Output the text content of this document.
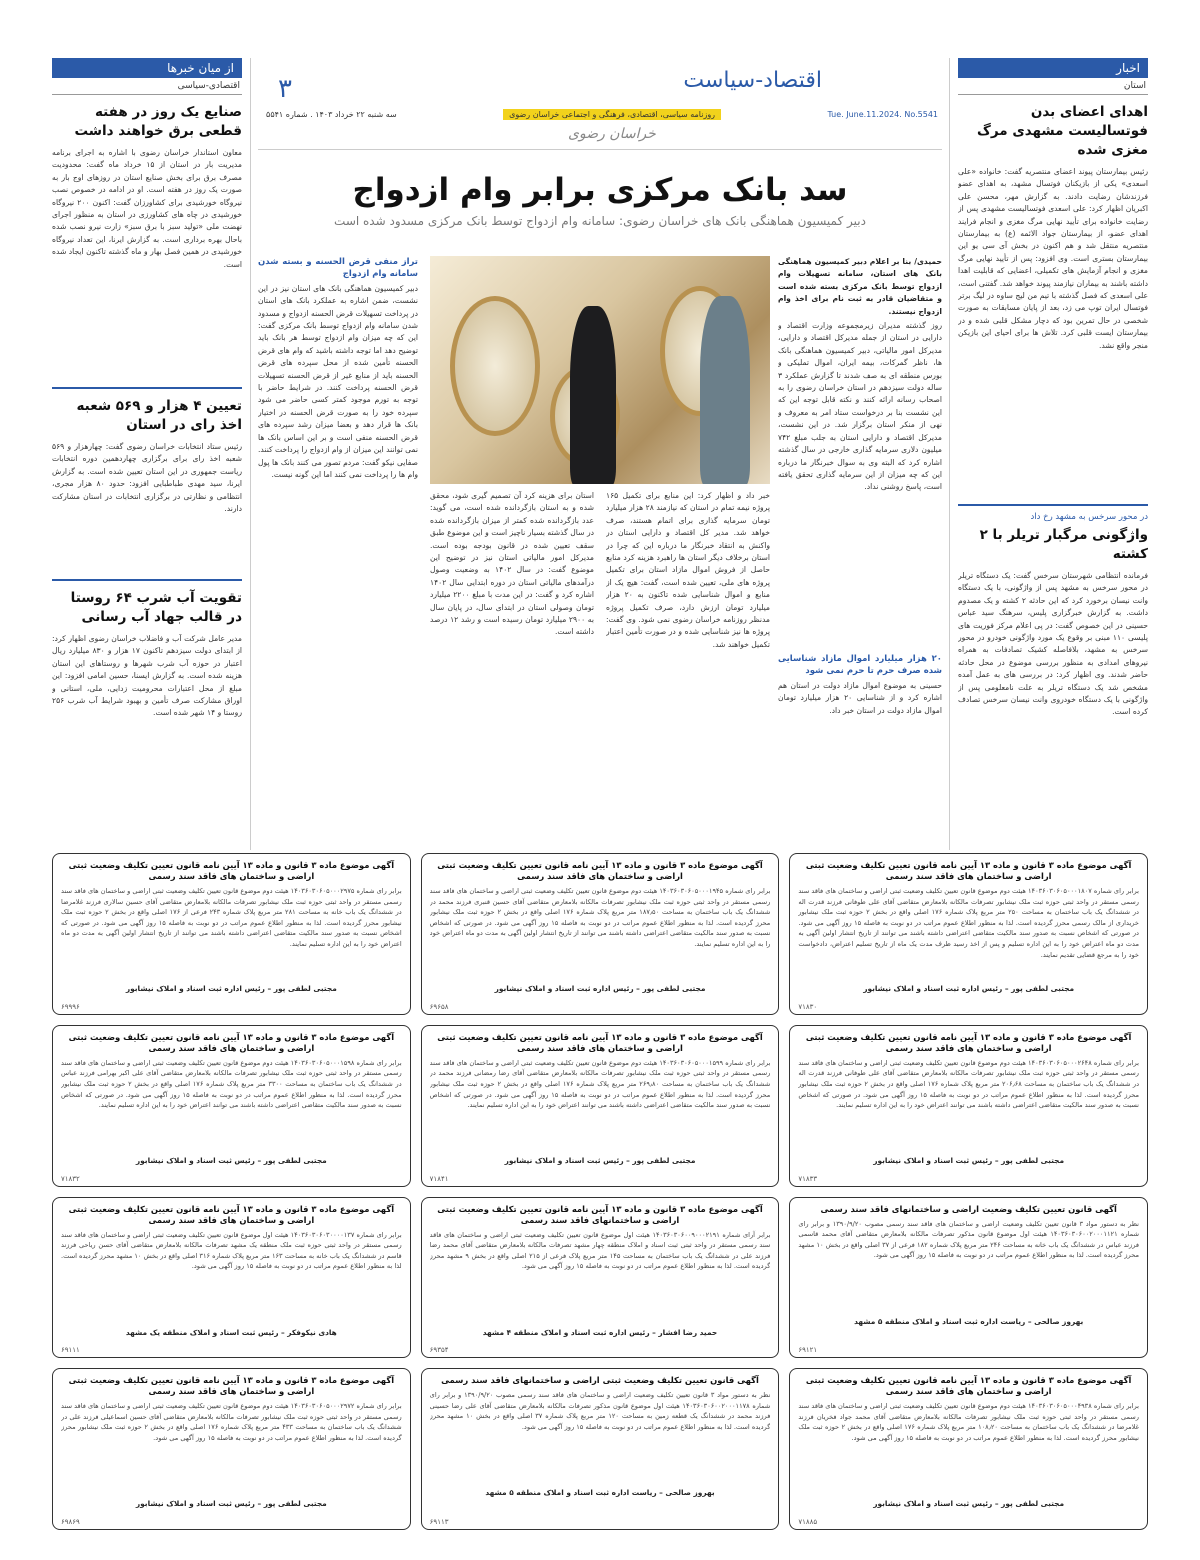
اخبار
استان
اهدای اعضای بدن فوتسالیست مشهدی مرگ مغزی شده
رئیس بیمارستان پیوند اعضای منتصریه گفت: خانواده «علی اسعدی» یکی از بازیکنان فوتسال مشهد، به اهدای عضو فرزندشان رضایت دادند. به گزارش مهر، محسن علی اکبریان اظهار کرد: علی اسعدی فوتسالیست مشهدی پس از رضایت خانواده برای تأیید نهایی مرگ مغزی و انجام فرایند اهدای عضو، از بیمارستان جواد الائمه (ع) به بیمارستان منتصریه منتقل شد و هم اکنون در بخش آی سی یو این بیمارستان بستری است. وی افزود: پس از تأیید نهایی مرگ مغزی و انجام آزمایش های تکمیلی، اعضایی که قابلیت اهدا داشته باشند به بیماران نیازمند پیوند خواهد شد. گفتنی است، علی اسعدی که فصل گذشته با تیم من لیج ساوه در لیگ برتر فوتسال ایران توپ می زد، بعد از پایان مسابقات به صورت شخصی در حال تمرین بود که دچار مشکل قلبی شده و در بیمارستان ایست قلبی کرد. تلاش ها برای احیای این بازیکن منجر واقع نشد.
در محور سرخس به مشهد رخ داد
واژگونی مرگبار تریلر با ۲ کشته
فرمانده انتظامی شهرستان سرخس گفت: یک دستگاه تریلر در محور سرخس به مشهد پس از واژگونی، با یک دستگاه وانت نیسان برخورد کرد که این حادثه ۲ کشته و یک مصدوم داشت. به گزارش خبرگزاری پلیس، سرهنگ سید عباس حسینی در این خصوص گفت: در پی اعلام مرکز فوریت های پلیسی ۱۱۰ مبنی بر وقوع یک مورد واژگونی خودرو در محور سرخس به مشهد، بلافاصله کشیک تصادفات به همراه نیروهای امدادی به منظور بررسی موضوع در محل حادثه حاضر شدند. وی اظهار کرد: در بررسی های به عمل آمده مشخص شد یک دستگاه تریلر به علت نامعلومی پس از واژگونی با یک دستگاه خودروی وانت نیسان سرخس تصادف کرده است.
از میان خبرها
اقتصادی-سیاسی
صنایع یک روز در هفته قطعی برق خواهند داشت
معاون استاندار خراسان رضوی با اشاره به اجرای برنامه مدیریت بار در استان از ۱۵ خرداد ماه گفت: محدودیت مصرف برق برای بخش صنایع استان در روزهای اوج بار به صورت یک روز در هفته است. او در ادامه در خصوص نصب نیروگاه خورشیدی برای کشاورزان گفت: اکنون ۲۰۰ نیروگاه خورشیدی در چاه های کشاورزی در استان به منظور اجرای نهضت ملی «تولید سبز با برق سبز» زارت نیرو نصب شده باحال بهره برداری است. به گزارش ایرنا، این تعداد نیروگاه خورشیدی در همین فصل بهار و ماه گذشته تاکنون ایجاد شده است.
تعیین ۴ هزار و ۵۶۹ شعبه اخذ رای در استان
رئیس ستاد انتخابات خراسان رضوی گفت: چهارهزار و ۵۶۹ شعبه اخذ رای برای برگزاری چهاردهمین دوره انتخابات ریاست جمهوری در این استان تعیین شده است. به گزارش ایرنا، سید مهدی طباطبایی افزود: حدود ۸۰ هزار مجری، انتظامی و نظارتی در برگزاری انتخابات در استان مشارکت دارند.
تقویت آب شرب ۶۴ روستا در قالب جهاد آب رسانی
مدیر عامل شرکت آب و فاضلاب خراسان رضوی اظهار کرد: از ابتدای دولت سیزدهم تاکنون ۱۷ هزار و ۸۳۰ میلیارد ریال اعتبار در حوزه آب شرب شهرها و روستاهای این استان هزینه شده است. به گزارش ایسنا، حسین امامی افزود: این مبلغ از محل اعتبارات محرومیت زدایی، ملی، استانی و اوراق مشارکت صرف تأمین و بهبود شرایط آب شرب ۲۵۶ روستا و ۱۴ شهر شده است.
اقتصاد-سیاست
۳
Tue. June.11.2024. No.5541
روزنامه سیاسی، اقتصادی، فرهنگی و اجتماعی خراسان رضوی
سه شنبه ۲۲ خرداد ۱۴۰۳ . شماره ۵۵۴۱
خراسان رضوی
سد بانک مرکزی برابر وام ازدواج
دبیر کمیسیون هماهنگی بانک های خراسان رضوی: سامانه وام ازدواج توسط بانک مرکزی مسدود شده است
حمیدی/ بنا بر اعلام دبیر کمیسیون هماهنگی بانک های استان، سامانه تسهیلات وام ازدواج توسط بانک مرکزی بسته شده است و متقاضیان قادر به ثبت نام برای اخذ وام ازدواج نیستند.
روز گذشته مدیران زیرمجموعه وزارت اقتصاد و دارایی در استان از جمله مدیرکل اقتصاد و دارایی، مدیرکل امور مالیاتی، دبیر کمیسیون هماهنگی بانک ها، ناظر گمرکات، بیمه ایران، اموال تملیکی و بورس منطقه ای به صف شدند تا گزارش عملکرد ۳ ساله دولت سیزدهم در استان خراسان رضوی را به اصحاب رسانه ارائه کنند و نکته قابل توجه این که این نشست بنا بر درخواست ستاد امر به معروف و نهی از منکر استان برگزار شد. در این نشست، مدیرکل اقتصاد و دارایی استان به جلب مبلغ ۷۴۲ میلیون دلاری سرمایه گذاری خارجی در سال گذشته اشاره کرد که البته وی به سوال خبرنگار ما درباره این که چه میزان از این سرمایه گذاری تحقق یافته است، پاسخ روشنی نداد.
۲۰ هزار میلیارد اموال مازاد شناسایی شده صرف حرم تا حرم نمی شود
حسینی به موضوع اموال مازاد دولت در استان هم اشاره کرد و از شناسایی ۲۰ هزار میلیارد تومان اموال مازاد دولت در استان خبر داد.
خبر داد و اظهار کرد: این منابع برای تکمیل ۱۶۵ پروژه نیمه تمام در استان که نیازمند ۲۸ هزار میلیارد تومان سرمایه گذاری برای اتمام هستند، صرف خواهد شد. مدیر کل اقتصاد و دارایی استان در واکنش به انتقاد خبرنگار ما درباره این که چرا در استان برخلاف دیگر استان ها راهبرد هزینه کرد منابع حاصل از فروش اموال مازاد استان برای تکمیل پروژه های ملی، تعیین شده است، گفت: هیچ یک از منابع و اموال شناسایی شده تاکنون به ۲۰ هزار میلیارد تومان ارزش دارد، صرف تکمیل پروژه مدنظر روزنامه خراسان رضوی نمی شود. وی گفت: پروژه ها نیز شناسایی شده و در صورت تأمین اعتبار تکمیل خواهند شد.
استان برای هزینه کرد آن تصمیم گیری شود، محقق شده و به استان بازگردانده شده است، می گوید: عدد بازگردانده شده کمتر از میزان بازگردانده شده در سال گذشته بسیار ناچیز است و این موضوع طبق سقف تعیین شده در قانون بودجه بوده است. مدیرکل امور مالیاتی استان نیز در توضیح این موضوع گفت: در سال ۱۴۰۲ به وضعیت وصول درآمدهای مالیاتی استان در دوره ابتدایی سال ۱۴۰۲ اشاره کرد و گفت: در این مدت با مبلغ ۲۲۰۰ میلیارد تومان وصولی استان در ابتدای سال، در پایان سال به ۲۹۰۰ میلیارد تومان رسیده است و رشد ۱۲ درصد داشته است.
تراز منفی قرض الحسنه و بسته شدن سامانه وام ازدواج
دبیر کمیسیون هماهنگی بانک های استان نیز در این نشست، ضمن اشاره به عملکرد بانک های استان در پرداخت تسهیلات قرض الحسنه ازدواج و مسدود شدن سامانه وام ازدواج توسط بانک مرکزی گفت: این که چه میزان وام ازدواج توسط هر بانک باید توضیح دهد اما توجه داشته باشید که وام های قرض الحسنه تأمین شده از محل سپرده های قرض الحسنه باید از منابع غیر از قرض الحسنه تسهیلات قرض الحسنه پرداخت کنند. در شرایط حاضر با توجه به تورم موجود کمتر کسی حاضر می شود سپرده خود را به صورت قرض الحسنه در اختیار بانک ها قرار دهد و بعضا میزان رشد سپرده های قرض الحسنه منفی است و بر این اساس بانک ها نمی توانند این میزان از وام ازدواج را پرداخت کنند. صفایی نیکو گفت: مردم تصور می کنند بانک ها پول وام ها را پرداخت نمی کنند اما این گونه نیست.
آگهی موضوع ماده ۳ قانون و ماده ۱۳ آیین نامه قانون تعیین تکلیف وضعیت ثبتی اراضی و ساختمان های فاقد سند رسمی
برابر رای شماره ۱۴۰۳۶۰۳۰۶۰۵۰۰۰۱۸۰۷ هیئت دوم موضوع قانون تعیین تکلیف وضعیت ثبتی اراضی و ساختمان های فاقد سند رسمی مستقر در واحد ثبتی حوزه ثبت ملک نیشابور تصرفات مالکانه بلامعارض متقاضی آقای علی طوفانی فرزند قدرت اله در ششدانگ یک باب ساختمان به مساحت ۲۵۰ متر مربع پلاک شماره ۱۷۶ اصلی واقع در بخش ۲ حوزه ثبت ملک نیشابور خریداری از مالک رسمی محرز گردیده است. لذا به منظور اطلاع عموم مراتب در دو نوبت به فاصله ۱۵ روز آگهی می شود. در صورتی که اشخاص نسبت به صدور سند مالکیت متقاضی اعتراضی داشته باشند می توانند از تاریخ انتشار اولین آگهی به مدت دو ماه اعتراض خود را به این اداره تسلیم و پس از اخذ رسید ظرف مدت یک ماه از تاریخ تسلیم اعتراض، دادخواست خود را به مرجع قضایی تقدیم نمایند.
مجتبی لطفی پور – رئیس اداره ثبت اسناد و املاک نیشابور
۷۱۸۳۰
آگهی موضوع ماده ۳ قانون و ماده ۱۳ آیین نامه قانون تعیین تکلیف وضعیت ثبتی اراضی و ساختمان های فاقد سند رسمی
برابر رای شماره ۱۴۰۳۶۰۳۰۶۰۵۰۰۰۱۹۴۵ هیئت دوم موضوع قانون تعیین تکلیف وضعیت ثبتی اراضی و ساختمان های فاقد سند رسمی مستقر در واحد ثبتی حوزه ثبت ملک نیشابور تصرفات مالکانه بلامعارض متقاضی آقای حسین قنبری فرزند محمد در ششدانگ یک باب ساختمان به مساحت ۱۸۷٫۵۰ متر مربع پلاک شماره ۱۷۶ اصلی واقع در بخش ۲ حوزه ثبت ملک نیشابور محرز گردیده است. لذا به منظور اطلاع عموم مراتب در دو نوبت به فاصله ۱۵ روز آگهی می شود. در صورتی که اشخاص نسبت به صدور سند مالکیت متقاضی اعتراضی داشته باشند می توانند از تاریخ انتشار اولین آگهی به مدت دو ماه اعتراض خود را به این اداره تسلیم نمایند.
مجتبی لطفی پور – رئیس اداره ثبت اسناد و املاک نیشابور
۶۹۶۵۸
آگهی موضوع ماده ۳ قانون و ماده ۱۳ آیین نامه قانون تعیین تکلیف وضعیت ثبتی اراضی و ساختمان های فاقد سند رسمی
برابر رای شماره ۱۴۰۳۶۰۳۰۶۰۵۰۰۰۲۹۷۵ هیئت دوم موضوع قانون تعیین تکلیف وضعیت ثبتی اراضی و ساختمان های فاقد سند رسمی مستقر در واحد ثبتی حوزه ثبت ملک نیشابور تصرفات مالکانه بلامعارض متقاضی آقای حسین سالاری فرزند غلامرضا در ششدانگ یک باب خانه به مساحت ۲۸۱ متر مربع پلاک شماره ۲۴۳ فرعی از ۱۷۶ اصلی واقع در بخش ۲ حوزه ثبت ملک نیشابور محرز گردیده است. لذا به منظور اطلاع عموم مراتب در دو نوبت به فاصله ۱۵ روز آگهی می شود. در صورتی که اشخاص نسبت به صدور سند مالکیت متقاضی اعتراضی داشته باشند می توانند از تاریخ انتشار اولین آگهی به مدت دو ماه اعتراض خود را به این اداره تسلیم نمایند.
مجتبی لطفی پور – رئیس اداره ثبت اسناد و املاک نیشابور
۶۹۹۹۶
آگهی موضوع ماده ۳ قانون و ماده ۱۳ آیین نامه قانون تعیین تکلیف وضعیت ثبتی اراضی و ساختمان های فاقد سند رسمی
برابر رای شماره ۱۴۰۳۶۰۳۰۶۰۵۰۰۰۲۶۴۸ هیئت دوم موضوع قانون تعیین تکلیف وضعیت ثبتی اراضی و ساختمان های فاقد سند رسمی مستقر در واحد ثبتی حوزه ثبت ملک نیشابور تصرفات مالکانه بلامعارض متقاضی آقای علی طوفانی فرزند قدرت اله در ششدانگ یک باب ساختمان به مساحت ۲۰۶٫۶۸ متر مربع پلاک شماره ۱۷۶ اصلی واقع در بخش ۲ حوزه ثبت ملک نیشابور محرز گردیده است. لذا به منظور اطلاع عموم مراتب در دو نوبت به فاصله ۱۵ روز آگهی می شود. در صورتی که اشخاص نسبت به صدور سند مالکیت متقاضی اعتراضی داشته باشند می توانند اعتراض خود را به این اداره تسلیم نمایند.
مجتبی لطفی پور – رئیس ثبت اسناد و املاک نیشابور
۷۱۸۳۳
آگهی موضوع ماده ۳ قانون و ماده ۱۳ آیین نامه قانون تعیین تکلیف وضعیت ثبتی اراضی و ساختمان های فاقد سند رسمی
برابر رای شماره ۱۴۰۳۶۰۳۰۶۰۵۰۰۰۱۵۹۹ هیئت دوم موضوع قانون تعیین تکلیف وضعیت ثبتی اراضی و ساختمان های فاقد سند رسمی مستقر در واحد ثبتی حوزه ثبت ملک نیشابور تصرفات مالکانه بلامعارض متقاضی آقای رضا رمضانی فرزند محمد در ششدانگ یک باب ساختمان به مساحت ۲۶۹٫۸۰ متر مربع پلاک شماره ۱۷۶ اصلی واقع در بخش ۲ حوزه ثبت ملک نیشابور محرز گردیده است. لذا به منظور اطلاع عموم مراتب در دو نوبت به فاصله ۱۵ روز آگهی می شود. در صورتی که اشخاص نسبت به صدور سند مالکیت متقاضی اعتراضی داشته باشند می توانند اعتراض خود را به این اداره تسلیم نمایند.
مجتبی لطفی پور – رئیس ثبت اسناد و املاک نیشابور
۷۱۸۴۱
آگهی موضوع ماده ۳ قانون و ماده ۱۳ آیین نامه قانون تعیین تکلیف وضعیت ثبتی اراضی و ساختمان های فاقد سند رسمی
برابر رای شماره ۱۴۰۳۶۰۳۰۶۰۵۰۰۰۱۵۹۸ هیئت دوم موضوع قانون تعیین تکلیف وضعیت ثبتی اراضی و ساختمان های فاقد سند رسمی مستقر در واحد ثبتی حوزه ثبت ملک نیشابور تصرفات مالکانه بلامعارض متقاضی آقای علی اکبر بهرامی فرزند عباس در ششدانگ یک باب ساختمان به مساحت ۳۳۰۰ متر مربع پلاک شماره ۱۷۶ اصلی واقع در بخش ۲ حوزه ثبت ملک نیشابور محرز گردیده است. لذا به منظور اطلاع عموم مراتب در دو نوبت به فاصله ۱۵ روز آگهی می شود. در صورتی که اشخاص نسبت به صدور سند مالکیت متقاضی اعتراضی داشته باشند می توانند اعتراض خود را به این اداره تسلیم نمایند.
مجتبی لطفی پور – رئیس ثبت اسناد و املاک نیشابور
۷۱۸۳۲
آگهی قانون تعیین تکلیف وضعیت اراضی و ساختمانهای فاقد سند رسمی
نظر به دستور مواد ۳ قانون تعیین تکلیف وضعیت اراضی و ساختمان های فاقد سند رسمی مصوب ۱۳۹۰/۹/۲۰ و برابر رای شماره ۱۴۰۳۶۰۳۰۶۰۰۲۰۰۰۱۱۲۱ هیئت اول موضوع قانون مذکور تصرفات مالکانه بلامعارض متقاضی آقای محمد قاسمی فرزند عباس در ششدانگ یک باب خانه به مساحت ۲۴۶ متر مربع پلاک شماره ۱۸۲ فرعی از ۳۷ اصلی واقع در بخش ۱۰ مشهد محرز گردیده است. لذا به منظور اطلاع عموم مراتب در دو نوبت به فاصله ۱۵ روز آگهی می شود.
بهروز صالحی – ریاست اداره ثبت اسناد و املاک منطقه ۵ مشهد
۶۹۱۲۱
آگهی موضوع ماده ۳ قانون و ماده ۱۳ آیین نامه قانون تعیین تکلیف وضعیت ثبتی اراضی و ساختمانهای فاقد سند رسمی
برابر آرای شماره ۱۴۰۳۶۰۳۰۶۰۰۹۰۰۰۲۱۹۱ هیئت اول موضوع قانون تعیین تکلیف وضعیت ثبتی اراضی و ساختمان های فاقد سند رسمی مستقر در واحد ثبتی ثبت اسناد و املاک منطقه چهار مشهد تصرفات مالکانه بلامعارض متقاضی آقای محمد رضا فرزند علی در ششدانگ یک باب ساختمان به مساحت ۱۴۵ متر مربع پلاک فرعی از ۲۱۵ اصلی واقع در بخش ۹ مشهد محرز گردیده است. لذا به منظور اطلاع عموم مراتب در دو نوبت به فاصله ۱۵ روز آگهی می شود.
حمید رضا افشار – رئیس اداره ثبت اسناد و املاک منطقه ۴ مشهد
۶۹۳۵۴
آگهی موضوع ماده ۳ قانون و ماده ۱۳ آیین نامه قانون تعیین تکلیف وضعیت ثبتی اراضی و ساختمان های فاقد سند رسمی
برابر رای شماره ۱۴۰۳۶۰۳۰۶۰۳۰۰۰۰۱۳۷ هیئت اول موضوع قانون تعیین تکلیف وضعیت ثبتی اراضی و ساختمان های فاقد سند رسمی مستقر در واحد ثبتی حوزه ثبت ملک منطقه یک مشهد تصرفات مالکانه بلامعارض متقاضی آقای حسن ریاحی فرزند قاسم در ششدانگ یک باب خانه به مساحت ۱۶۳ متر مربع پلاک شماره ۳۱۶ اصلی واقع در بخش ۱۰ مشهد محرز گردیده است. لذا به منظور اطلاع عموم مراتب در دو نوبت به فاصله ۱۵ روز آگهی می شود.
هادی نیکوفکر – رئیس ثبت اسناد و املاک منطقه یک مشهد
۶۹۱۱۱
آگهی موضوع ماده ۳ قانون و ماده ۱۳ آیین نامه قانون تعیین تکلیف وضعیت ثبتی اراضی و ساختمان های فاقد سند رسمی
برابر رای شماره ۱۴۰۳۶۰۳۰۶۰۵۰۰۰۴۹۳۸ هیئت دوم موضوع قانون تعیین تکلیف وضعیت ثبتی اراضی و ساختمان های فاقد سند رسمی مستقر در واحد ثبتی حوزه ثبت ملک نیشابور تصرفات مالکانه بلامعارض متقاضی آقای محمد جواد فخریان فرزند غلامرضا در ششدانگ یک باب ساختمان به مساحت ۱۰۸٫۲۰ متر مربع پلاک شماره ۱۷۶ اصلی واقع در بخش ۲ حوزه ثبت ملک نیشابور محرز گردیده است. لذا به منظور اطلاع عموم مراتب در دو نوبت به فاصله ۱۵ روز آگهی می شود.
مجتبی لطفی پور – رئیس ثبت اسناد و املاک نیشابور
۷۱۸۸۵
آگهی قانون تعیین تکلیف وضعیت ثبتی اراضی و ساختمانهای فاقد سند رسمی
نظر به دستور مواد ۳ قانون تعیین تکلیف وضعیت اراضی و ساختمان های فاقد سند رسمی مصوب ۱۳۹۰/۹/۲۰ و برابر رای شماره ۱۴۰۳۶۰۳۰۶۰۰۲۰۰۰۱۱۷۸ هیئت اول موضوع قانون مذکور تصرفات مالکانه بلامعارض متقاضی آقای علی رضا حسینی فرزند محمد در ششدانگ یک قطعه زمین به مساحت ۱۲۰ متر مربع پلاک شماره ۳۷ اصلی واقع در بخش ۱۰ مشهد محرز گردیده است. لذا به منظور اطلاع عموم مراتب در دو نوبت به فاصله ۱۵ روز آگهی می شود.
بهروز صالحی – ریاست اداره ثبت اسناد و املاک منطقه ۵ مشهد
۶۹۱۱۳
آگهی موضوع ماده ۳ قانون و ماده ۱۳ آیین نامه قانون تعیین تکلیف وضعیت ثبتی اراضی و ساختمان های فاقد سند رسمی
برابر رای شماره ۱۴۰۳۶۰۳۰۶۰۵۰۰۰۲۹۷۲ هیئت دوم موضوع قانون تعیین تکلیف وضعیت ثبتی اراضی و ساختمان های فاقد سند رسمی مستقر در واحد ثبتی حوزه ثبت ملک نیشابور تصرفات مالکانه بلامعارض متقاضی آقای حسین اسماعیلی فرزند علی در ششدانگ یک باب ساختمان به مساحت ۴۳۳ متر مربع پلاک شماره ۱۷۶ اصلی واقع در بخش ۲ حوزه ثبت ملک نیشابور محرز گردیده است. لذا به منظور اطلاع عموم مراتب در دو نوبت به فاصله ۱۵ روز آگهی می شود.
مجتبی لطفی پور – رئیس ثبت اسناد و املاک نیشابور
۶۹۸۶۹
